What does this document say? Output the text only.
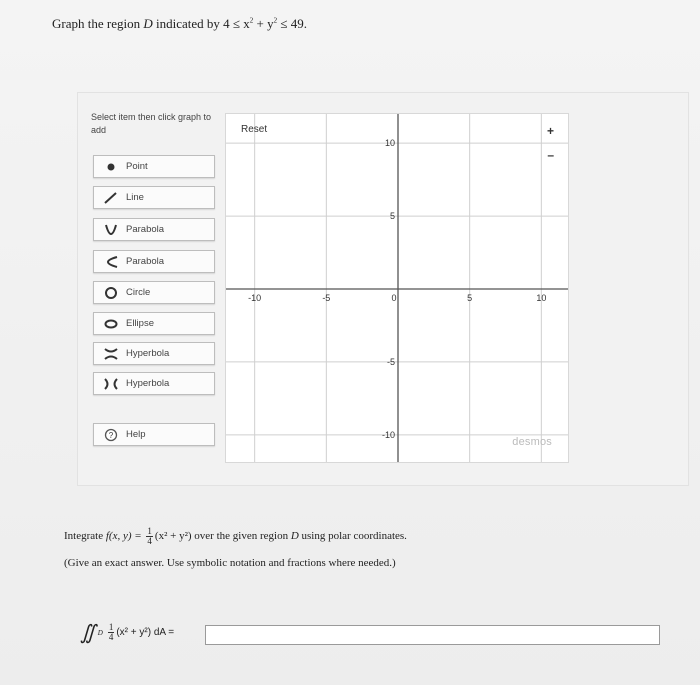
Graph the region D indicated by $4 \le x^2 + y^2 \le 49$.
Select item then click graph to add
Point
Line
Parabola
Parabola
Circle
Ellipse
Hyperbola
Hyperbola
? Help
-10	-5	0	5	10
10
5
-5
-10
Reset	+
–
desmos
Integrate f(x, $y) = \frac{1}{4} (x^2 + y^2)$ over the given region D using polar coordinates.
(Give an exact answer. Use symbolic notation and fractions where needed.)
∬ D $\frac{1}{4} (x^2 + y^2)$ dA =
